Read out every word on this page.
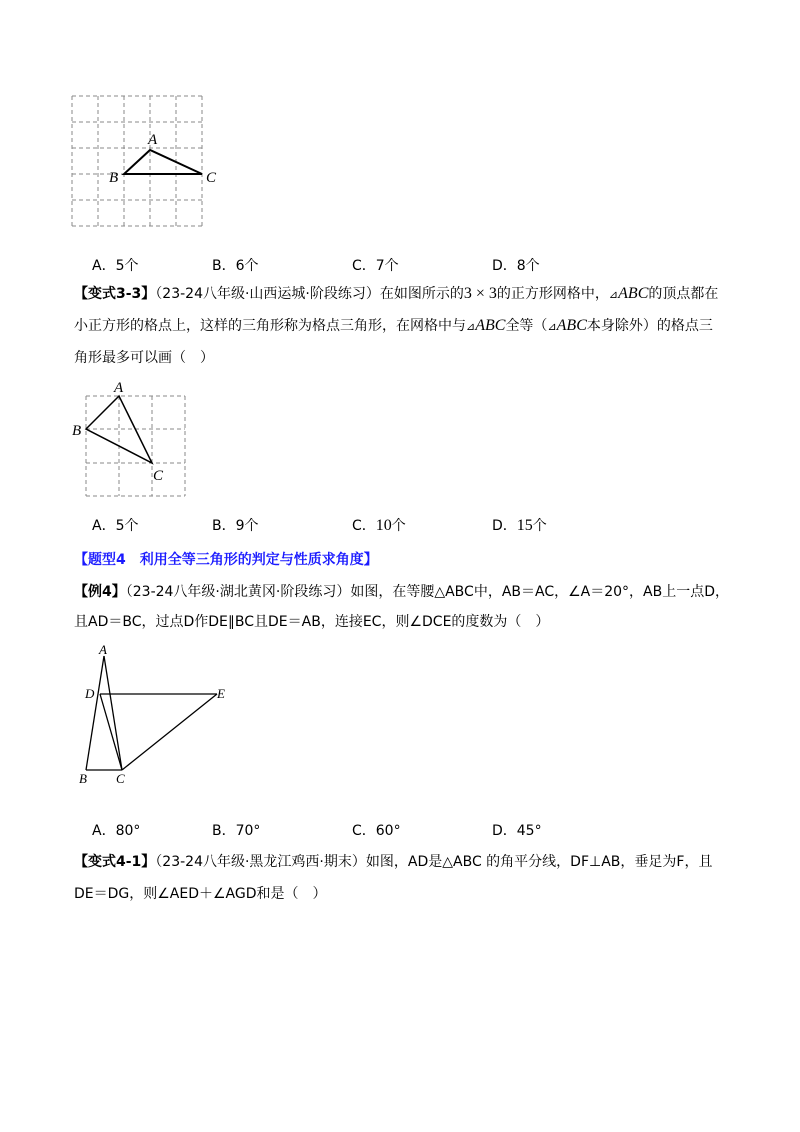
A
B	C
A．5个	B．6个	C．7个	D．8个
【变式3-3】（23-24八年级·山西运城·阶段练习）在如图所示的3 × 3的正方形网格中，⊿ABC的顶点都在
小正方形的格点上，这样的三角形称为格点三角形，在网格中与⊿ABC全等（⊿ABC本身除外）的格点三
角形最多可以画（　）
A
B
C
A．5个	B．9个	C．10个	D．15个
【题型4　利用全等三角形的判定与性质求角度】
【例4】（23-24八年级·湖北黄冈·阶段练习）如图，在等腰△ABC中，AB＝AC，∠A＝20°，AB上一点D，
且AD＝BC，过点D作DE∥BC且DE＝AB，连接EC，则∠DCE的度数为（　）
A
D	E
B C
A．80°	B．70°	C．60°	D．45°
【变式4-1】（23-24八年级·黑龙江鸡西·期末）如图，AD是△ABC 的角平分线，DF⊥AB，垂足为F，且
DE＝DG，则∠AED＋∠AGD和是（　）
